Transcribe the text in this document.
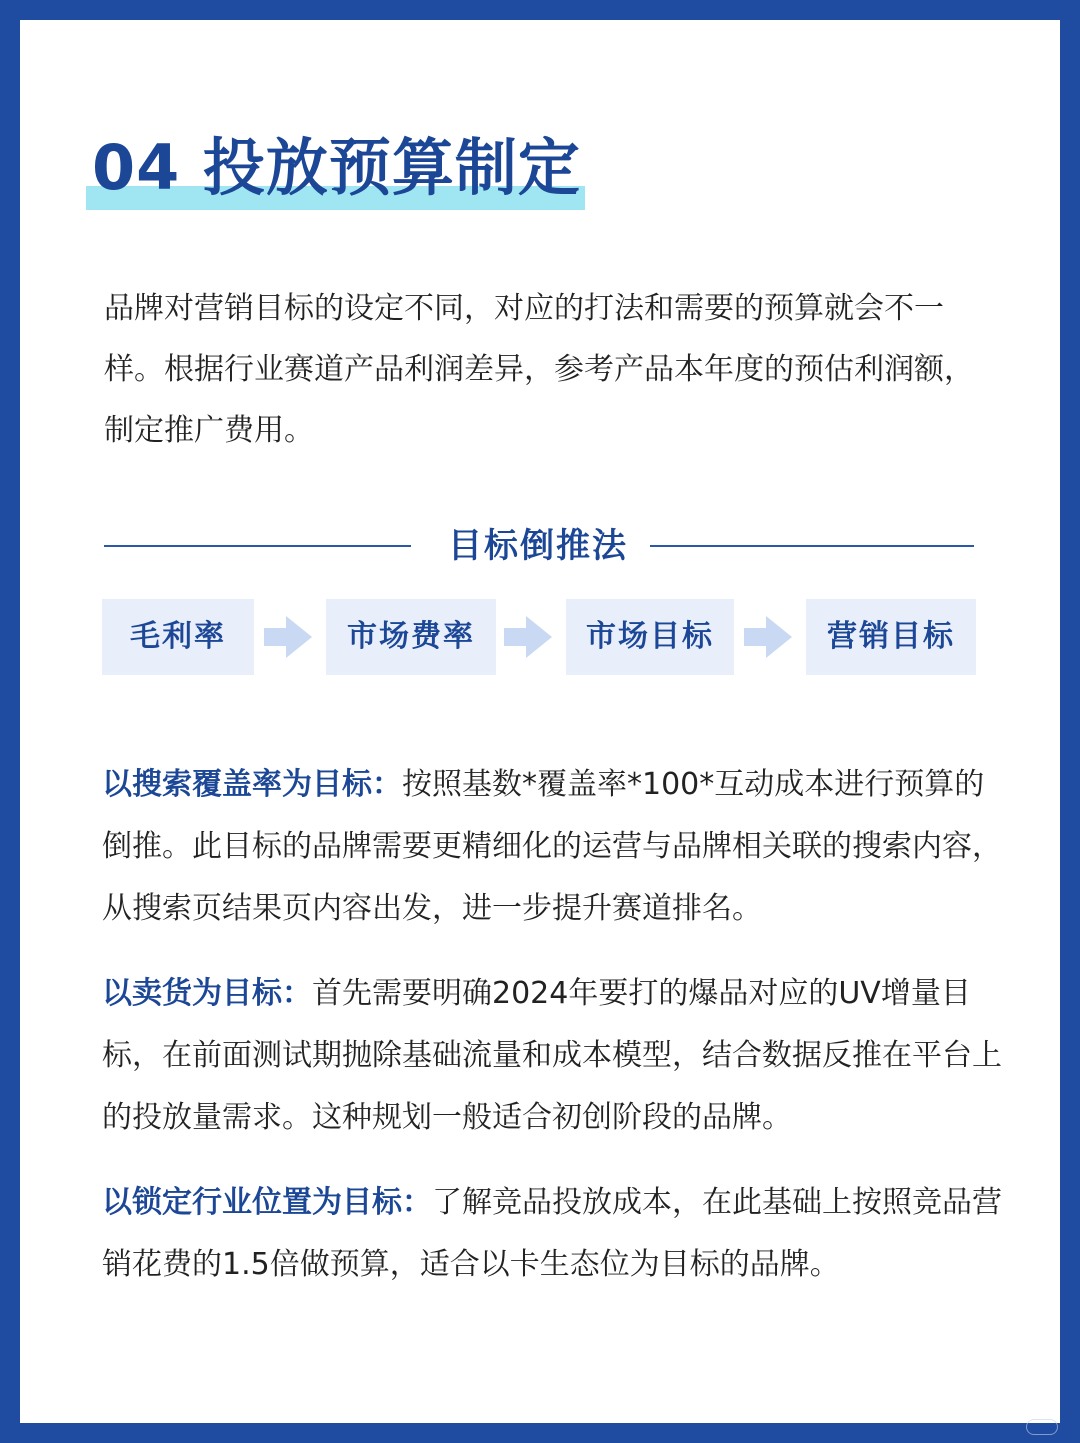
04 投放预算制定

品牌对营销目标的设定不同，对应的打法和需要的预算就会不一样。根据行业赛道产品利润差异，参考产品本年度的预估利润额，制定推广费用。

目标倒推法
毛利率	市场费率	市场目标	营销目标

以搜索覆盖率为目标：按照基数*覆盖率*100*互动成本进行预算的倒推。此目标的品牌需要更精细化的运营与品牌相关联的搜索内容，从搜索页结果页内容出发，进一步提升赛道排名。

以卖货为目标：首先需要明确2024年要打的爆品对应的UV增量目标，在前面测试期抛除基础流量和成本模型，结合数据反推在平台上的投放量需求。这种规划一般适合初创阶段的品牌。

以锁定行业位置为目标：了解竞品投放成本，在此基础上按照竞品营销花费的1.5倍做预算，适合以卡生态位为目标的品牌。
